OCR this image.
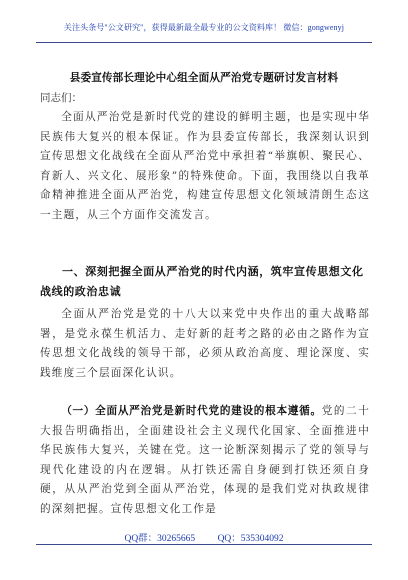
关注头条号"公文研究"，获得最新最全最专业的公文资料库！ 微信：gongwenyj
县委宣传部长理论中心组全面从严治党专题研讨发言材料
同志们：
全面从严治党是新时代党的建设的鲜明主题，也是实现中华民族伟大复兴的根本保证。作为县委宣传部长，我深刻认识到宣传思想文化战线在全面从严治党中承担着“举旗帜、聚民心、育新人、兴文化、展形象”的特殊使命。下面，我围绕以自我革命精神推进全面从严治党，构建宣传思想文化领域清朗生态这一主题，从三个方面作交流发言。
一、深刻把握全面从严治党的时代内涵，筑牢宣传思想文化战线的政治忠诚
全面从严治党是党的十八大以来党中央作出的重大战略部署，是党永葆生机活力、走好新的赶考之路的必由之路作为宣传思想文化战线的领导干部，必须从政治高度、理论深度、实践维度三个层面深化认识。
（一）全面从严治党是新时代党的建设的根本遵循。党的二十大报告明确指出，全面建设社会主义现代化国家、全面推进中华民族伟大复兴，关键在党。这一论断深刻揭示了党的领导与现代化建设的内在逻辑。从打铁还需自身硬到打铁还须自身硬，从从严治党到全面从严治党，体现的是我们党对执政规律的深刻把握。宣传思想文化工作是
QQ群：30265665 QQ：535304092
